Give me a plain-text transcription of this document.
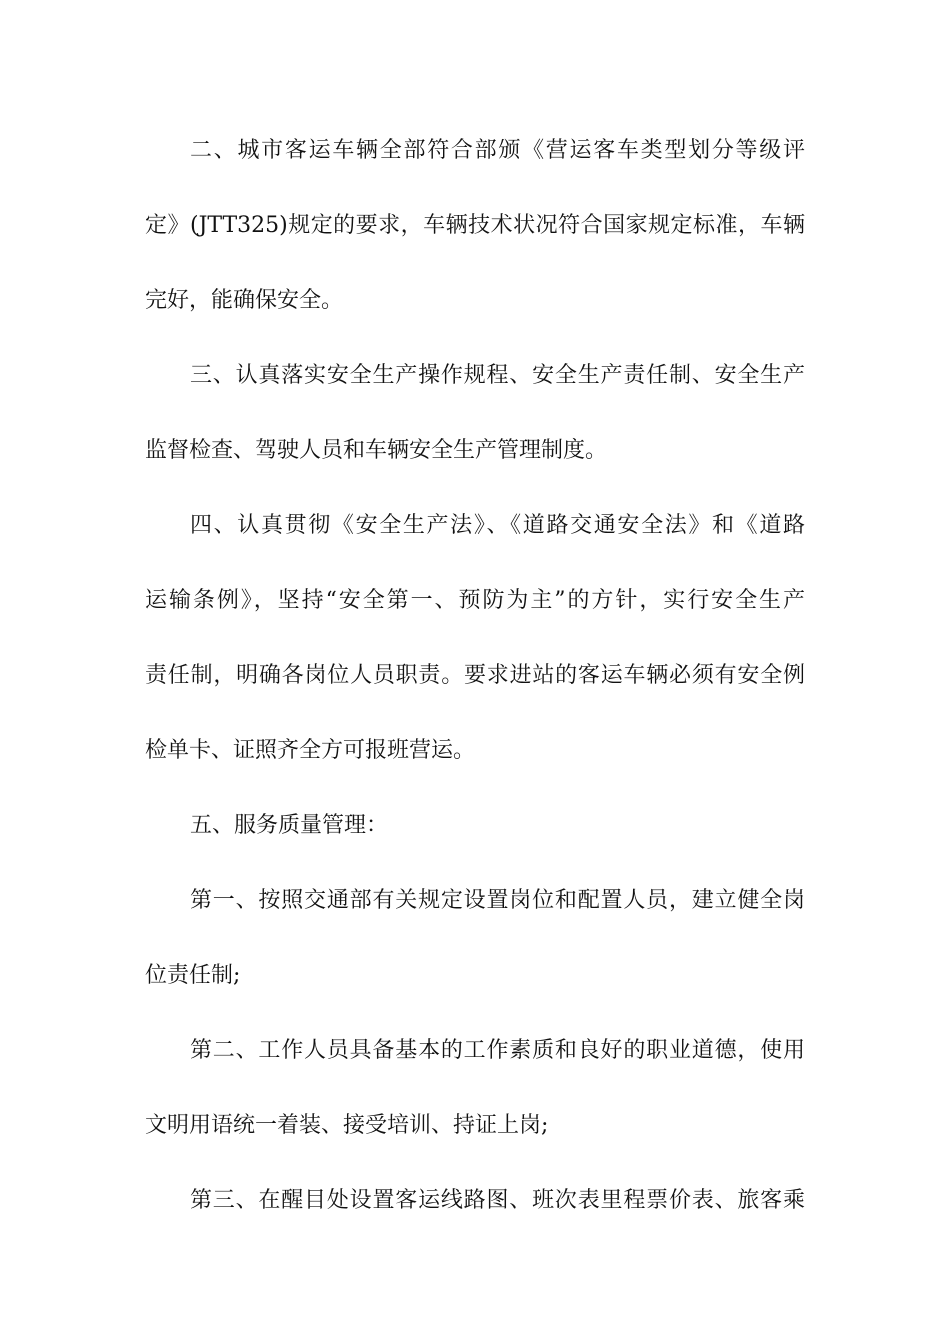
二、城市客运车辆全部符合部颁《营运客车类型划分等级评
定》(JTT325)规定的要求，车辆技术状况符合国家规定标准，车辆
完好，能确保安全。
三、认真落实安全生产操作规程、安全生产责任制、安全生产
监督检查、驾驶人员和车辆安全生产管理制度。
四、认真贯彻《安全生产法》、《道路交通安全法》和《道路
运输条例》，坚持“安全第一、预防为主”的方针，实行安全生产
责任制，明确各岗位人员职责。要求进站的客运车辆必须有安全例
检单卡、证照齐全方可报班营运。
五、服务质量管理：
第一、按照交通部有关规定设置岗位和配置人员，建立健全岗
位责任制;
第二、工作人员具备基本的工作素质和良好的职业道德，使用
文明用语统一着装、接受培训、持证上岗;
第三、在醒目处设置客运线路图、班次表里程票价表、旅客乘
